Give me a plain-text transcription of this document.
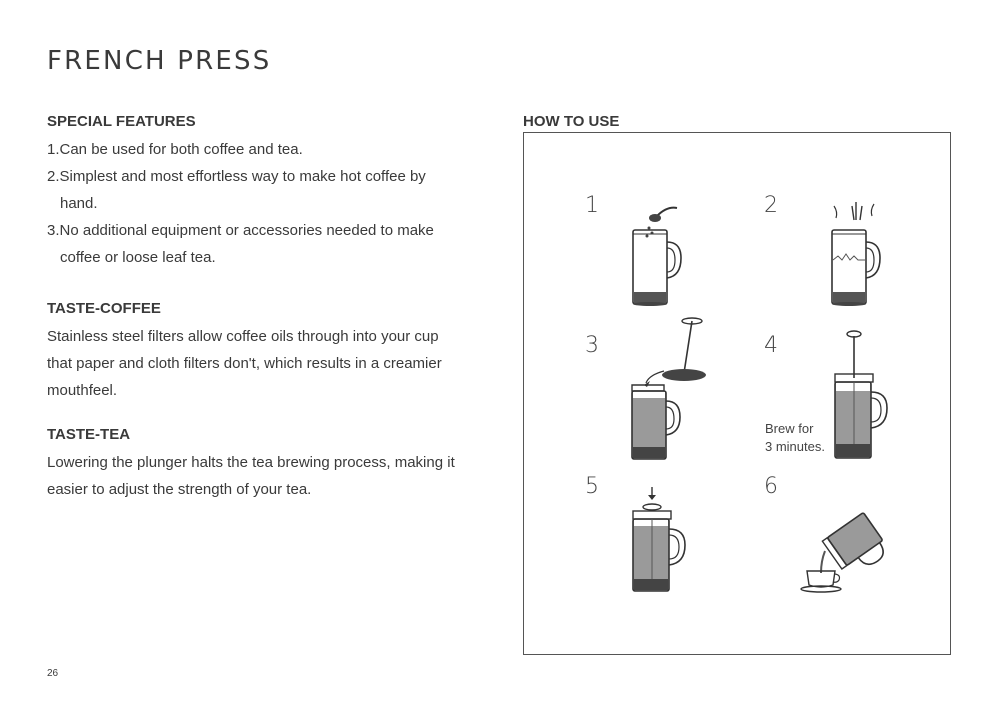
FRENCH PRESS

SPECIAL FEATURES

1.Can be used for both coffee and tea.
2.Simplest and most effortless way to make hot coffee by
hand.
3.No additional equipment or accessories needed to make
coffee or loose leaf tea.

TASTE-COFFEE

Stainless steel filters allow coffee oils through into your cup

that paper and cloth filters don't, which results in a creamier

mouthfeel.

TASTE-TEA

Lowering the plunger halts the tea brewing process, making it

easier to adjust the strength of your tea.

HOW TO USE
1	2
3	4
Brew for
3 minutes.
5	6
26
